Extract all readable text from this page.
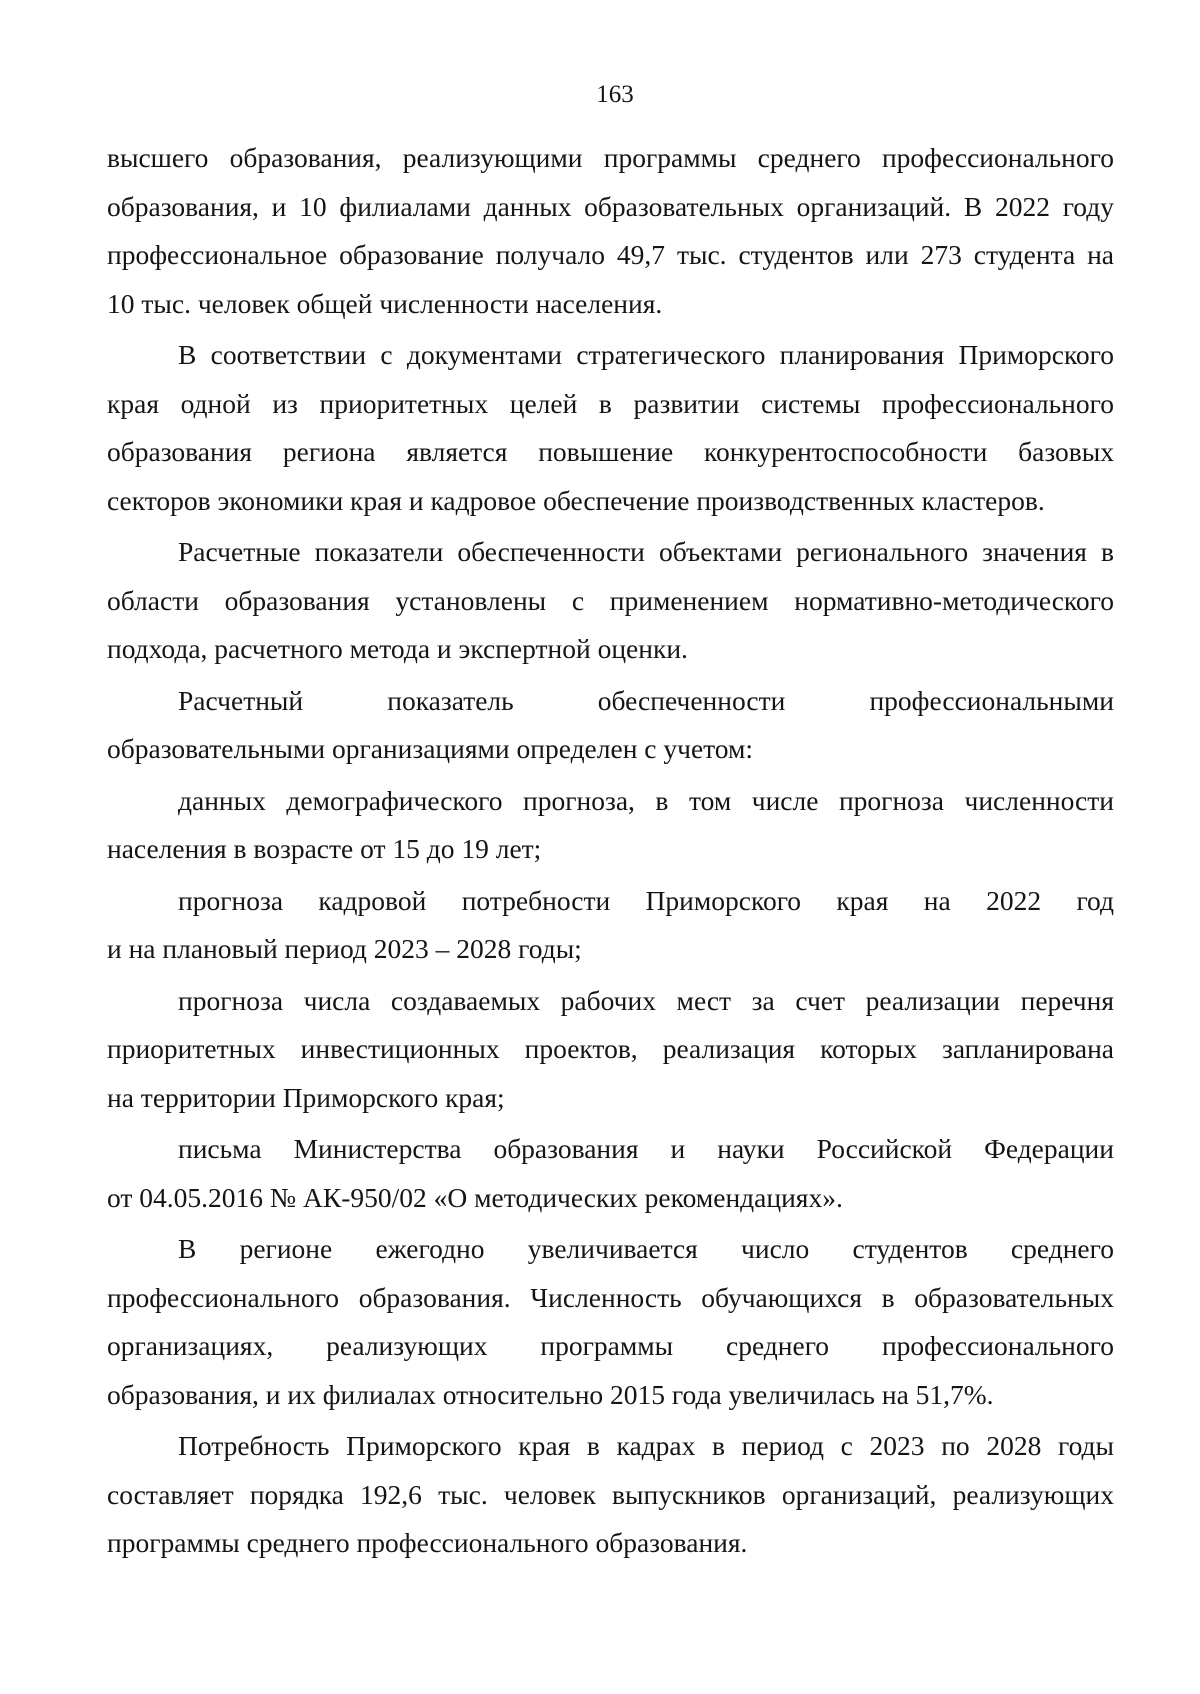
163
высшего образования, реализующими программы среднего профессионального
образования, и 10 филиалами данных образовательных организаций. В 2022 году
профессиональное образование получало 49,7 тыс. студентов или 273 студента на
10 тыс. человек общей численности населения.
В соответствии с документами стратегического планирования Приморского
края одной из приоритетных целей в развитии системы профессионального
образования региона является повышение конкурентоспособности базовых
секторов экономики края и кадровое обеспечение производственных кластеров.
Расчетные показатели обеспеченности объектами регионального значения в
области образования установлены с применением нормативно-методического
подхода, расчетного метода и экспертной оценки.
Расчетный показатель обеспеченности профессиональными
образовательными организациями определен с учетом:
данных демографического прогноза, в том числе прогноза численности
населения в возрасте от 15 до 19 лет;
прогноза кадровой потребности Приморского края на 2022 год
и на плановый период 2023 – 2028 годы;
прогноза числа создаваемых рабочих мест за счет реализации перечня
приоритетных инвестиционных проектов, реализация которых запланирована
на территории Приморского края;
письма Министерства образования и науки Российской Федерации
от 04.05.2016 № АК-950/02 «О методических рекомендациях».
В регионе ежегодно увеличивается число студентов среднего
профессионального образования. Численность обучающихся в образовательных
организациях, реализующих программы среднего профессионального
образования, и их филиалах относительно 2015 года увеличилась на 51,7%.
Потребность Приморского края в кадрах в период с 2023 по 2028 годы
составляет порядка 192,6 тыс. человек выпускников организаций, реализующих
программы среднего профессионального образования.
